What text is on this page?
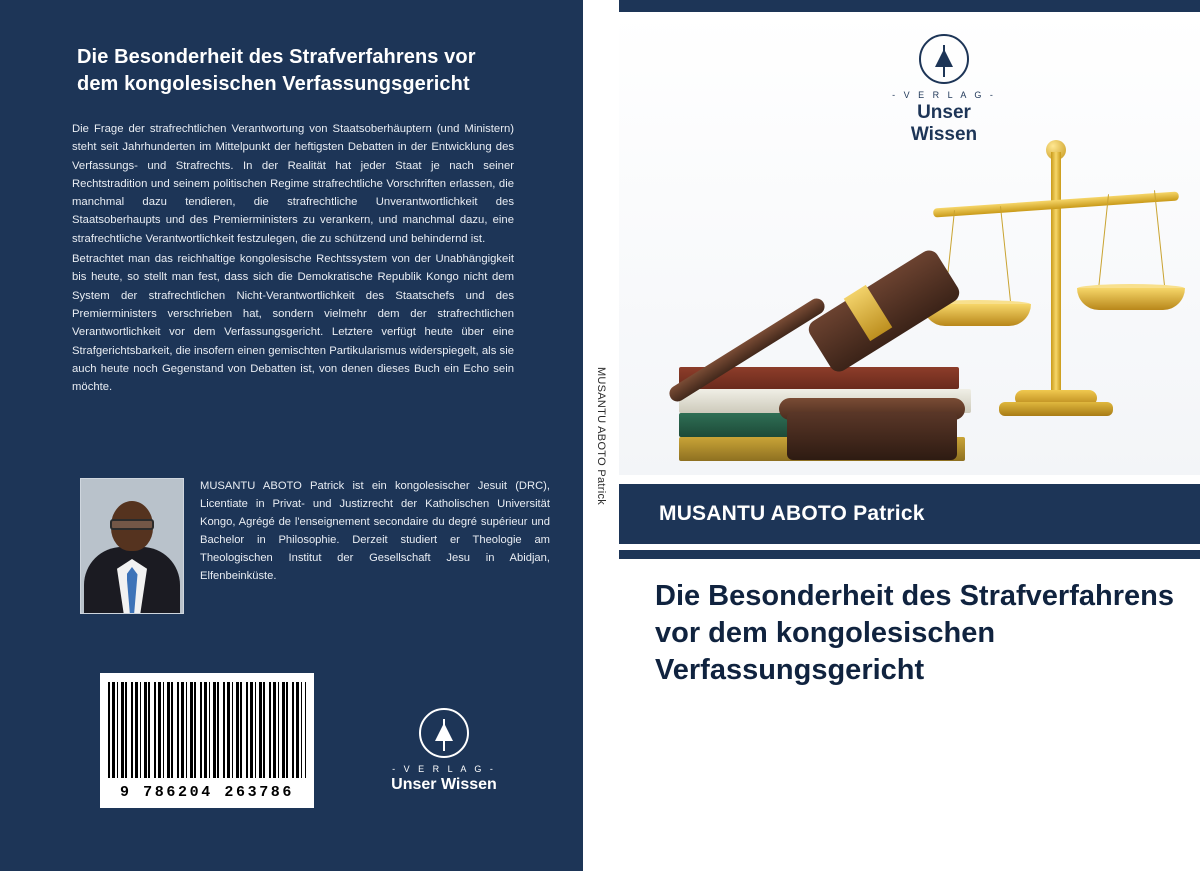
Die Besonderheit des Strafverfahrens vor dem kongolesischen Verfassungsgericht

Die Frage der strafrechtlichen Verantwortung von Staatsoberhäuptern (und Ministern) steht seit Jahrhunderten im Mittelpunkt der heftigsten Debatten in der Entwicklung des Verfassungs- und Strafrechts. In der Realität hat jeder Staat je nach seiner Rechtstradition und seinem politischen Regime strafrechtliche Vorschriften erlassen, die manchmal dazu tendieren, die strafrechtliche Unverantwortlichkeit des Staatsoberhaupts und des Premierministers zu verankern, und manchmal dazu, eine strafrechtliche Verantwortlichkeit festzulegen, die zu schützend und behindernd ist.

Betrachtet man das reichhaltige kongolesische Rechtssystem von der Unabhängigkeit bis heute, so stellt man fest, dass sich die Demokratische Republik Kongo nicht dem System der strafrechtlichen Nicht-Verantwortlichkeit des Staatschefs und des Premierministers verschrieben hat, sondern vielmehr dem der strafrechtlichen Verantwortlichkeit vor dem Verfassungsgericht. Letztere verfügt heute über eine Strafgerichtsbarkeit, die insofern einen gemischten Partikularismus widerspiegelt, als sie auch heute noch Gegenstand von Debatten ist, von denen dieses Buch ein Echo sein möchte.

MUSANTU ABOTO Patrick ist ein kongolesischer Jesuit (DRC), Licentiate in Privat- und Justizrecht der Katholischen Universität Kongo, Agrégé de l'enseignement secondaire du degré supérieur und Bachelor in Philosophie. Derzeit studiert er Theologie am Theologischen Institut der Gesellschaft Jesu in Abidjan, Elfenbeinküste.
9 786204 263786
- V E R L A G -
Unser Wissen
MUSANTU ABOTO Patrick
- V E R L A G -
Unser Wissen
MUSANTU ABOTO Patrick
Die Besonderheit des Strafverfahrens vor dem kongolesischen Verfassungsgericht
